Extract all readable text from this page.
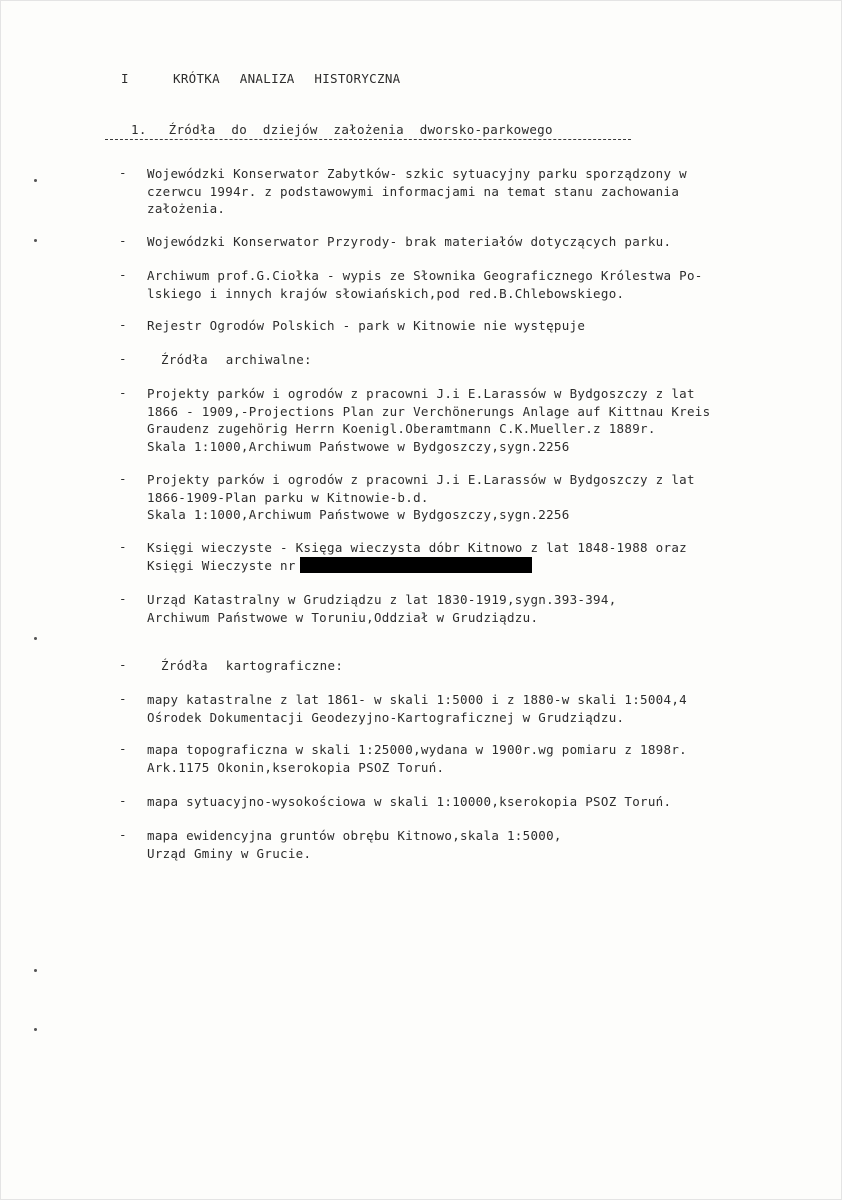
I	KRÓTKA ANALIZA HISTORYCZNA
1. Źródła do dziejów założenia dworsko-parkowego
-	Wojewódzki Konserwator Zabytków- szkic sytuacyjny parku sporządzony w
czerwcu 1994r. z podstawowymi informacjami na temat stanu zachowania
założenia.
-	Wojewódzki Konserwator Przyrody- brak materiałów dotyczących parku.
-	Archiwum prof.G.Ciołka - wypis ze Słownika Geograficznego Królestwa Po-
lskiego i innych krajów słowiańskich,pod red.B.Chlebowskiego.
-	Rejestr Ogrodów Polskich - park w Kitnowie nie występuje
-	Źródła archiwalne:
-	Projekty parków i ogrodów z pracowni J.i E.Larassów w Bydgoszczy z lat
1866 - 1909,-Projections Plan zur Verchönerungs Anlage auf Kittnau Kreis
Graudenz zugehörig Herrn Koenigl.Oberamtmann C.K.Mueller.z 1889r.
Skala 1:1000,Archiwum Państwowe w Bydgoszczy,sygn.2256
-	Projekty parków i ogrodów z pracowni J.i E.Larassów w Bydgoszczy z lat
1866-1909-Plan parku w Kitnowie-b.d.
Skala 1:1000,Archiwum Państwowe w Bydgoszczy,sygn.2256
-	Księgi wieczyste - Księga wieczysta dóbr Kitnowo z lat 1848-1988 oraz
Księgi Wieczyste nr
-	Urząd Katastralny w Grudziądzu z lat 1830-1919,sygn.393-394,
Archiwum Państwowe w Toruniu,Oddział w Grudziądzu.
-	Źródła kartograficzne:
-	mapy katastralne z lat 1861- w skali 1:5000 i z 1880-w skali 1:5004,4
Ośrodek Dokumentacji Geodezyjno-Kartograficznej w Grudziądzu.
-	mapa topograficzna w skali 1:25000,wydana w 1900r.wg pomiaru z 1898r.
Ark.1175 Okonin,kserokopia PSOZ Toruń.
-	mapa sytuacyjno-wysokościowa w skali 1:10000,kserokopia PSOZ Toruń.
-	mapa ewidencyjna gruntów obrębu Kitnowo,skala 1:5000,
Urząd Gminy w Grucie.
